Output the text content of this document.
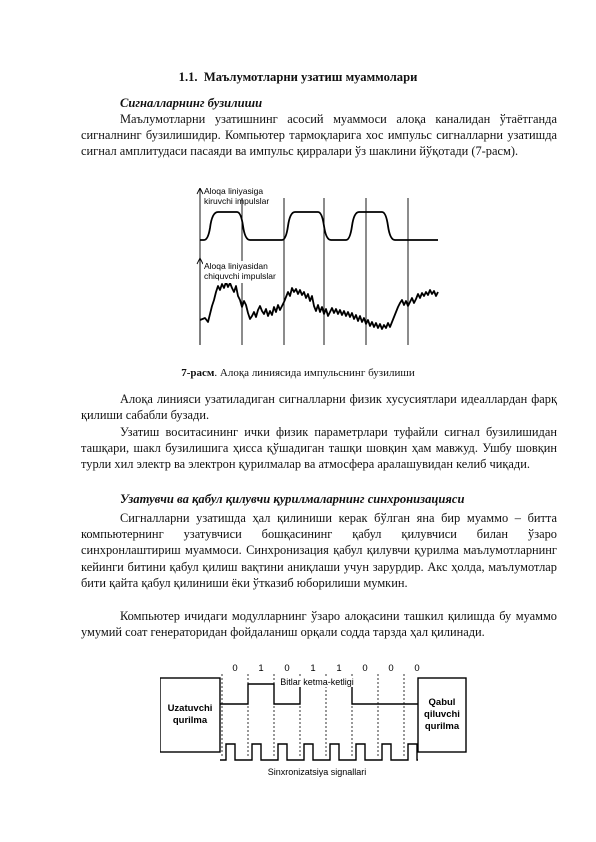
1.1. Маълумотларни узатиш муаммолари
Сигналларнинг бузилиши

Маълумотларни узатишнинг асосий муаммоси алоқа каналидан ўтаётганда сигналнинг бузилишидир. Компьютер тармоқларига хос импульс сигналларни узатишда сигнал амплитудаси пасаяди ва импульс қирралари ўз шаклини йўқотади (7-расм).

Aloqa liniyasiga
kiruvchi impulslar
Aloqa liniyasidan
chiquvchi impulslar
7-расм. Алоқа линиясида импульснинг бузилиши

Алоқа линияси узатиладиган сигналларни физик хусусиятлари идеаллардан фарқ қилиши сабабли бузади.

Узатиш воситасининг ички физик параметрлари туфайли сигнал бузилишидан ташқари, шакл бузилишига ҳисса қўшадиган ташқи шовқин ҳам мавжуд. Ушбу шовқин турли хил электр ва электрон қурилмалар ва атмосфера аралашувидан келиб чиқади.

Узатувчи ва қабул қилувчи қурилмаларнинг синхронизацияси

Сигналларни узатишда ҳал қилиниши керак бўлган яна бир муаммо – битта компьютернинг узатувчиси бошқасининг қабул қилувчиси билан ўзаро синхронлаштириш муаммоси. Синхронизация қабул қилувчи қурилма маълумотларнинг кейинги битини қабул қилиш вақтини аниқлаши учун зарурдир. Акс ҳолда, маълумотлар бити қайта қабул қилиниши ёки ўтказиб юборилиши мумкин.

Компьютер ичидаги модулларнинг ўзаро алоқасини ташкил қилишда бу муаммо умумий соат генераторидан фойдаланиш орқали содда тарзда ҳал қилинади.

0 1 0 1 1 0 0 0
Uzatuvchi
qurilma
Qabul
qiluvchi
qurilma
Bitlar ketma-ketligi
Sinxronizatsiya signallari
